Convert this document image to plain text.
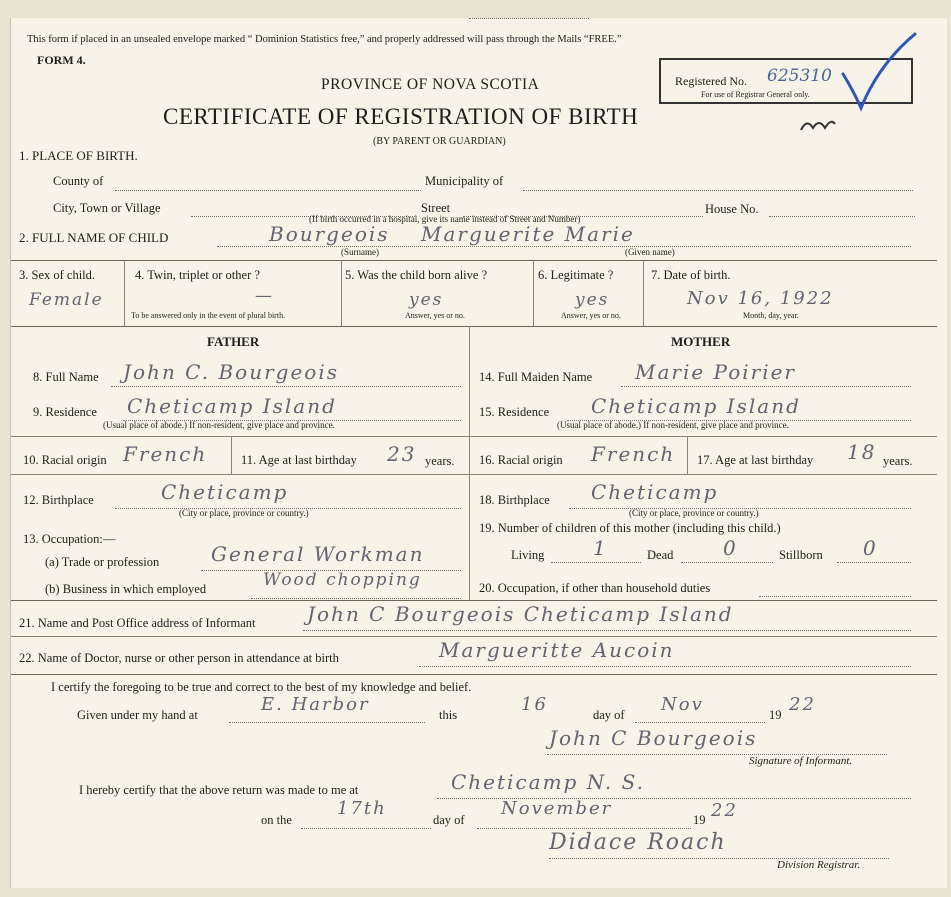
This form if placed in an unsealed envelope marked “ Dominion Statistics free,” and properly addressed will pass through the Mails “FREE.”
FORM 4.
PROVINCE OF NOVA SCOTIA
CERTIFICATE OF REGISTRATION OF BIRTH
(BY PARENT OR GUARDIAN)
Registered No. 625310
For use of Registrar General only.
1. PLACE OF BIRTH.
County of	Municipality of
City, Town or Village	Street	House No.
(If birth occurred in a hospital, give its name instead of Street and Number)
2. FULL NAME OF CHILD	Bourgeois Marguerite Marie
(Surname)	(Given name)
3. Sex of child.
Female
4. Twin, triplet or other ?
—
To be answered only in the event of plural birth.
5. Was the child born alive ?
yes
Answer, yes or no.
6. Legitimate ?
yes
Answer, yes or no.
7. Date of birth.
Nov 16, 1922
Month, day, year.
FATHER	MOTHER
8. Full Name John C. Bourgeois
9. Residence Cheticamp Island
(Usual place of abode.) If non-resident, give place and province.
10. Racial origin French	11. Age at last birthday 23 years.
12. Birthplace	Cheticamp
(City or place, province or country.)
13. Occupation:—
(a) Trade or profession	General Workman
(b) Business in which employed	Wood chopping
14. Full Maiden Name Marie Poirier
15. Residence Cheticamp Island
(Usual place of abode.) If non-resident, give place and province.
16. Racial origin French 17. Age at last birthday 18 years.
18. Birthplace Cheticamp
(City or place, province or country.)
19. Number of children of this mother (including this child.)
Living 1	Dead 0	Stillborn 0
20. Occupation, if other than household duties
21. Name and Post Office address of Informant	John C Bourgeois Cheticamp Island
22. Name of Doctor, nurse or other person in attendance at birth	Margueritte Aucoin
I certify the foregoing to be true and correct to the best of my knowledge and belief.
Given under my hand at	E. Harbor	this	16	day of Nov	19 22
John C Bourgeois
Signature of Informant.
I hereby certify that the above return was made to me at	Cheticamp N. S.
on the
17th
day of
November
19 22
Didace Roach
Division Registrar.
